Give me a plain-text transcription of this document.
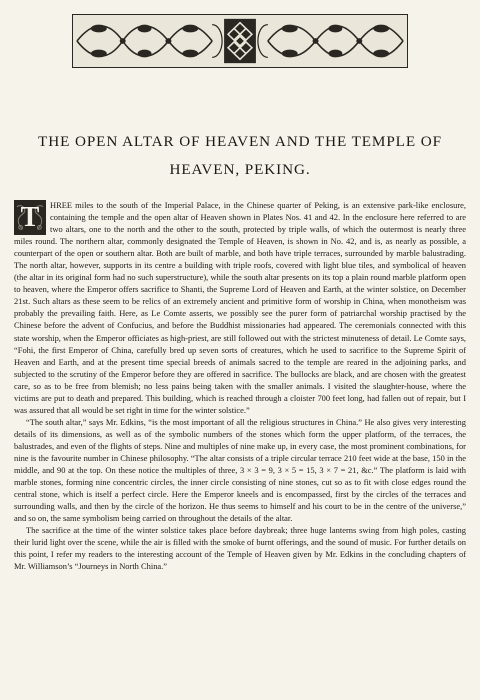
THE OPEN ALTAR OF HEAVEN AND THE TEMPLE OF
HEAVEN, PEKING.

T	HREE miles to the south of the Imperial Palace, in the Chinese quarter of Peking, is an extensive park-like enclosure, containing the temple and the open altar of Heaven shown in Plates Nos. 41 and 42. In the enclosure here referred to are two altars, one to the north and the other to the south, protected by triple walls, of which the outermost is nearly three miles round. The northern altar, commonly designated the Temple of Heaven, is shown in No. 42, and is, as nearly as possible, a counterpart of the open or southern altar. Both are built of marble, and both have triple terraces, surrounded by marble balustrading. The north altar, however, supports in its centre a building with triple roofs, covered with light blue tiles, and symbolical of heaven (the altar in its original form had no such superstructure), while the south altar presents on its top a plain round marble platform open to heaven, where the Emperor offers sacrifice to Shanti, the Supreme Lord of Heaven and Earth, at the winter solstice, on December 21st. Such altars as these seem to be relics of an extremely ancient and primitive form of worship in China, when monotheism was probably the prevailing faith. Here, as Le Comte asserts, we possibly see the purer form of patriarchal worship practised by the Chinese before the advent of Confucius, and before the Buddhist missionaries had appeared. The ceremonials connected with this state worship, when the Emperor officiates as high-priest, are still followed out with the strictest minuteness of detail. Le Comte says, “Fohi, the first Emperor of China, carefully bred up seven sorts of creatures, which he used to sacrifice to the Supreme Spirit of Heaven and Earth, and at the present time special breeds of animals sacred to the temple are reared in the adjoining parks, and subjected to the scrutiny of the Emperor before they are offered in sacrifice. The bullocks are black, and are chosen with the greatest care, so as to be free from blemish; no less pains being taken with the smaller animals. I visited the slaughter-house, where the victims are put to death and prepared. This building, which is reached through a cloister 700 feet long, had fallen out of repair, but I was assured that all would be set right in time for the winter solstice.”

“The south altar,” says Mr. Edkins, “is the most important of all the religious structures in China.” He also gives very interesting details of its dimensions, as well as of the symbolic numbers of the stones which form the upper platform, of the terraces, the balustrades, and even of the flights of steps. Nine and multiples of nine make up, in every case, the most prominent combinations, for nine is the favourite number in Chinese philosophy. “The altar consists of a triple circular terrace 210 feet wide at the base, 150 in the middle, and 90 at the top. On these notice the multiples of three, 3 × 3 = 9, 3 × 5 = 15, 3 × 7 = 21, &c.” The platform is laid with marble stones, forming nine concentric circles, the inner circle consisting of nine stones, cut so as to fit with close edges round the central stone, which is itself a perfect circle. Here the Emperor kneels and is encompassed, first by the circles of the terraces and surrounding walls, and then by the circle of the horizon. He thus seems to himself and his court to be in the centre of the universe,” and so on, the same symbolism being carried on throughout the details of the altar.

The sacrifice at the time of the winter solstice takes place before daybreak; three huge lanterns swing from high poles, casting their lurid light over the scene, while the air is filled with the smoke of burnt offerings, and the sound of music. For further details on this point, I refer my readers to the interesting account of the Temple of Heaven given by Mr. Edkins in the concluding chapters of Mr. Williamson’s “Journeys in North China.”
